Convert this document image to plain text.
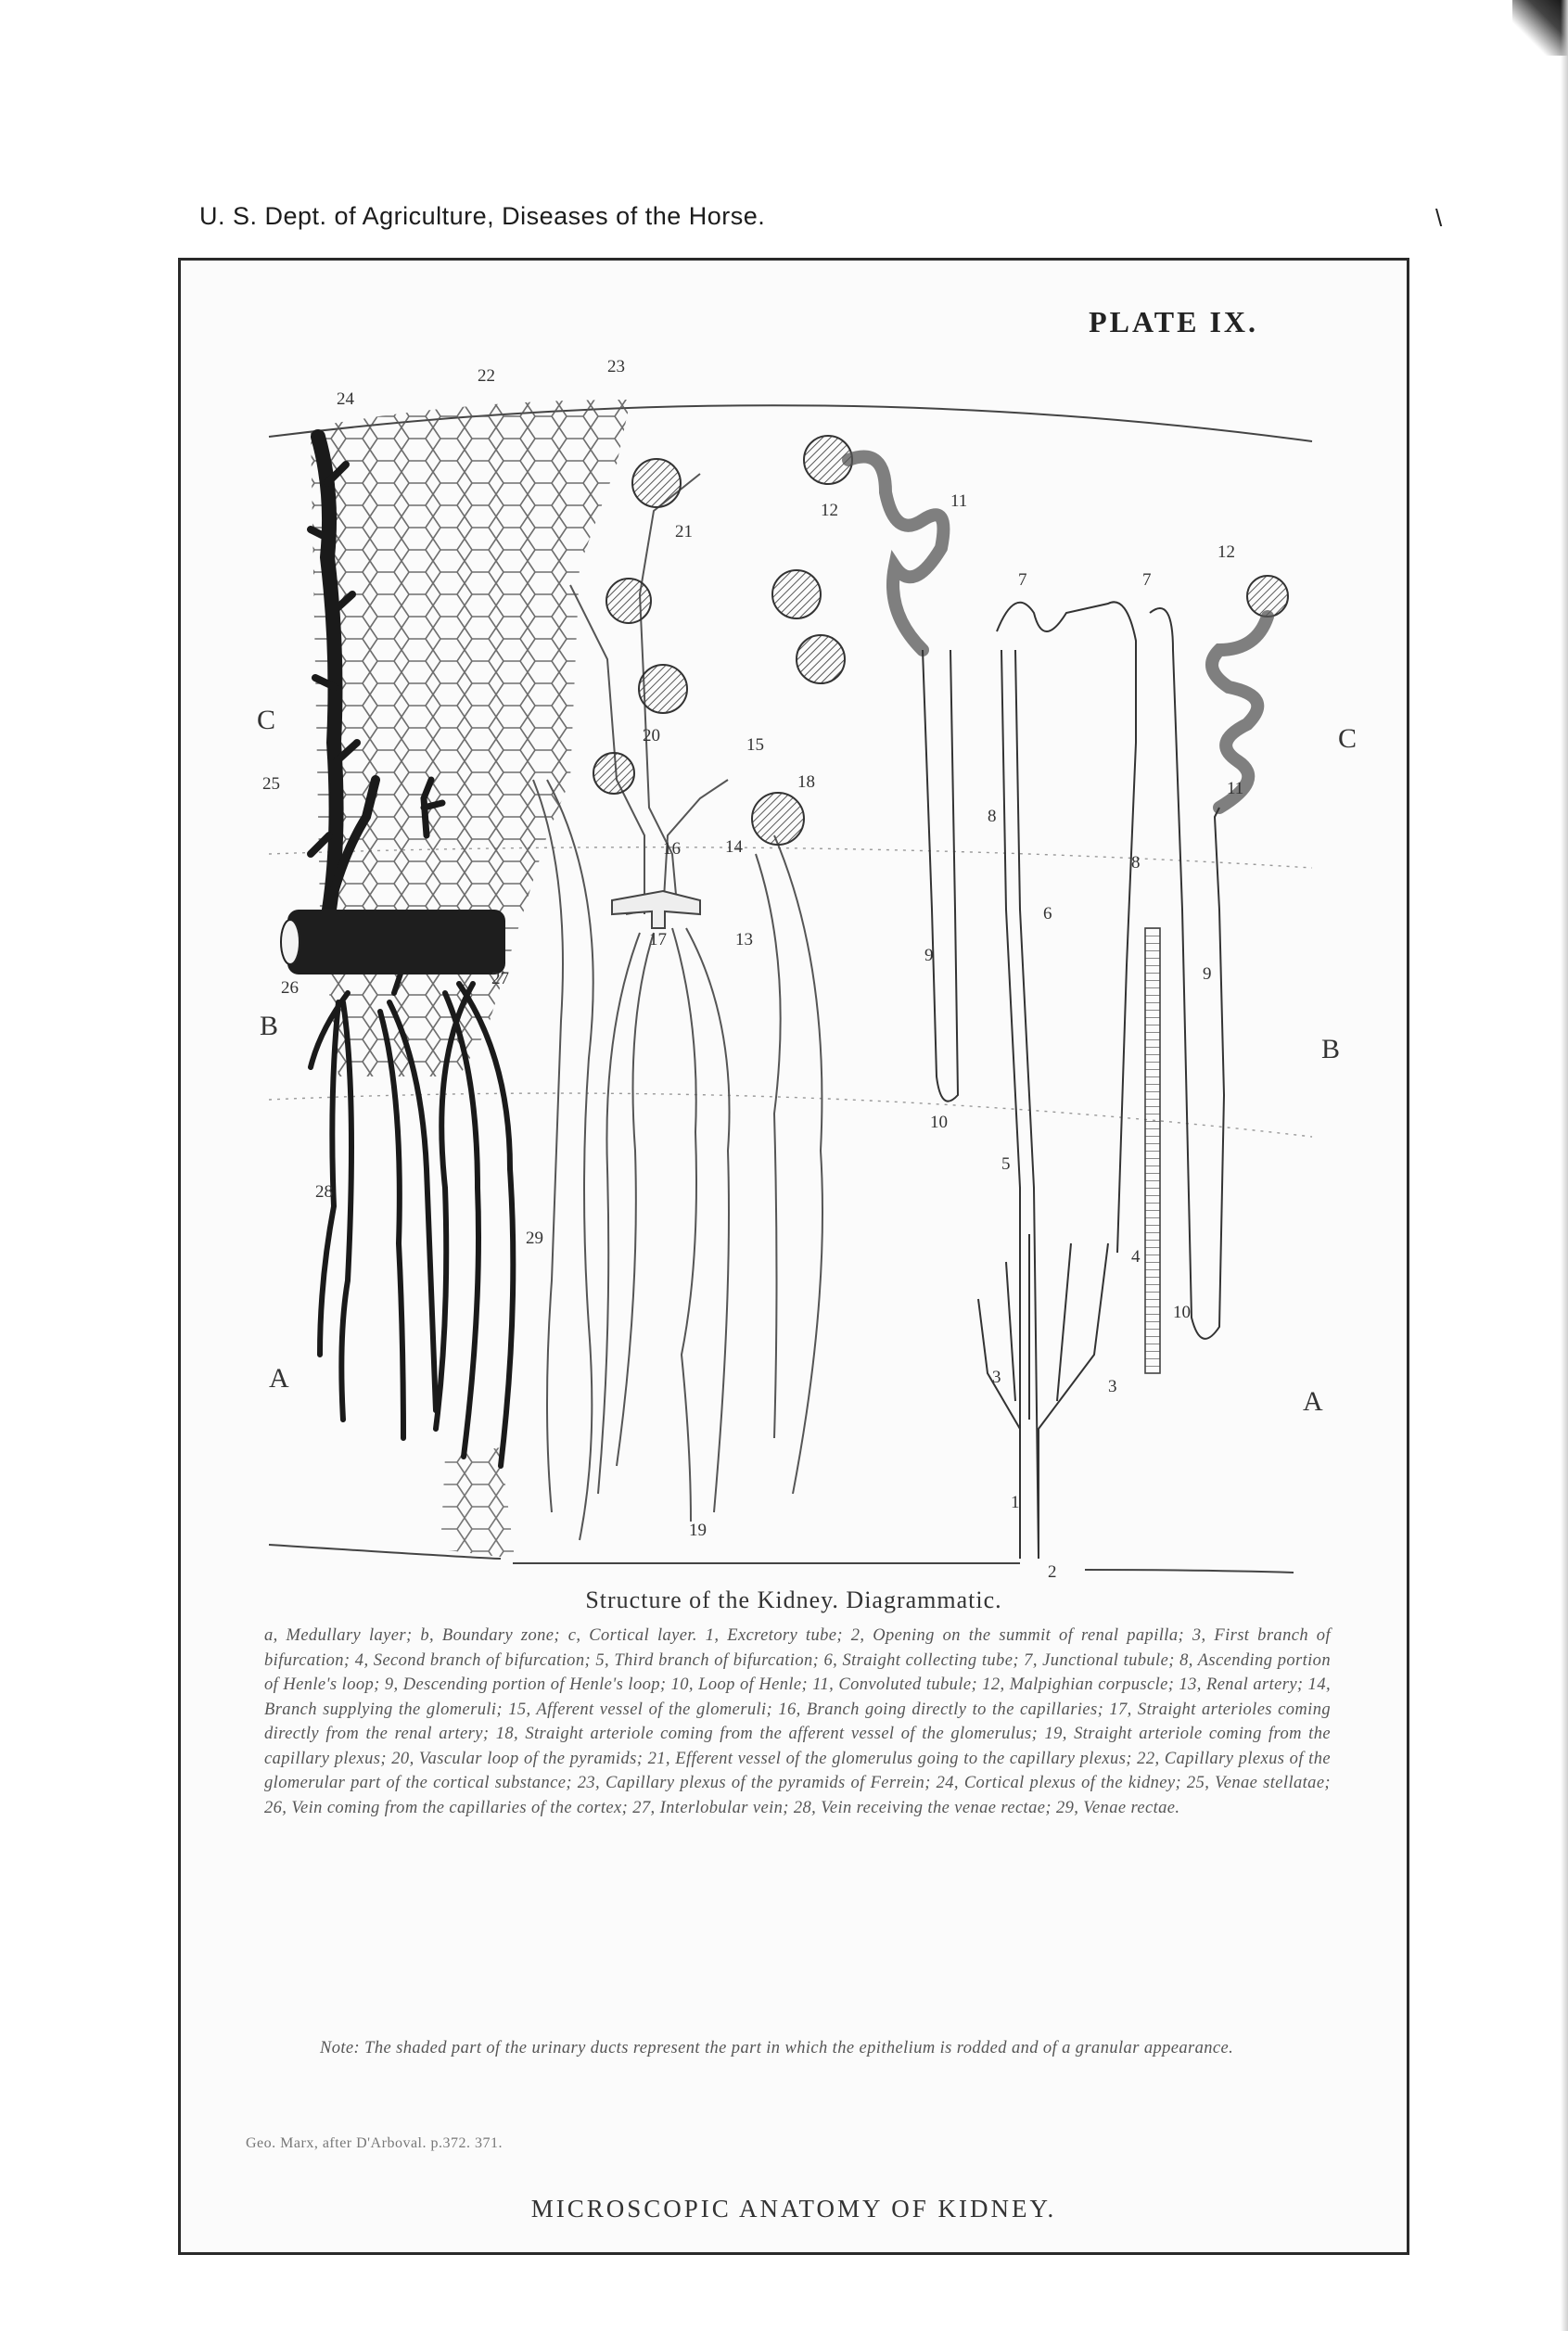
U. S. Dept. of Agriculture, Diseases of the Horse.	\
PLATE IX.
C
C
B
B
A
A
1
2
3	3
4
5
6
7	7
8
8
9
9
10
10
11
11
12
12
13
14
15
16
17
18
19
20
21
22	23
24
25
26	27
28
29
Structure of the Kidney. Diagrammatic.
a, Medullary layer; b, Boundary zone; c, Cortical layer. 1, Excretory tube; 2, Opening on the summit of renal papilla; 3, First branch of bifurcation; 4, Second branch of bifurcation; 5, Third branch of bifurcation; 6, Straight collecting tube; 7, Junctional tubule; 8, Ascending portion of Henle's loop; 9, Descending portion of Henle's loop; 10, Loop of Henle; 11, Convoluted tubule; 12, Malpighian corpuscle; 13, Renal artery; 14, Branch supplying the glomeruli; 15, Afferent vessel of the glomeruli; 16, Branch going directly to the capillaries; 17, Straight arterioles coming directly from the renal artery; 18, Straight arteriole coming from the afferent vessel of the glomerulus; 19, Straight arteriole coming from the capillary plexus; 20, Vascular loop of the pyramids; 21, Efferent vessel of the glomerulus going to the capillary plexus; 22, Capillary plexus of the glomerular part of the cortical substance; 23, Capillary plexus of the pyramids of Ferrein; 24, Cortical plexus of the kidney; 25, Venae stellatae; 26, Vein coming from the capillaries of the cortex; 27, Interlobular vein; 28, Vein receiving the venae rectae; 29, Venae rectae.
Note: The shaded part of the urinary ducts represent the part in which the epithelium is rodded and of a granular appearance.
Geo. Marx, after D'Arboval. p.372. 371.
MICROSCOPIC ANATOMY OF KIDNEY.
